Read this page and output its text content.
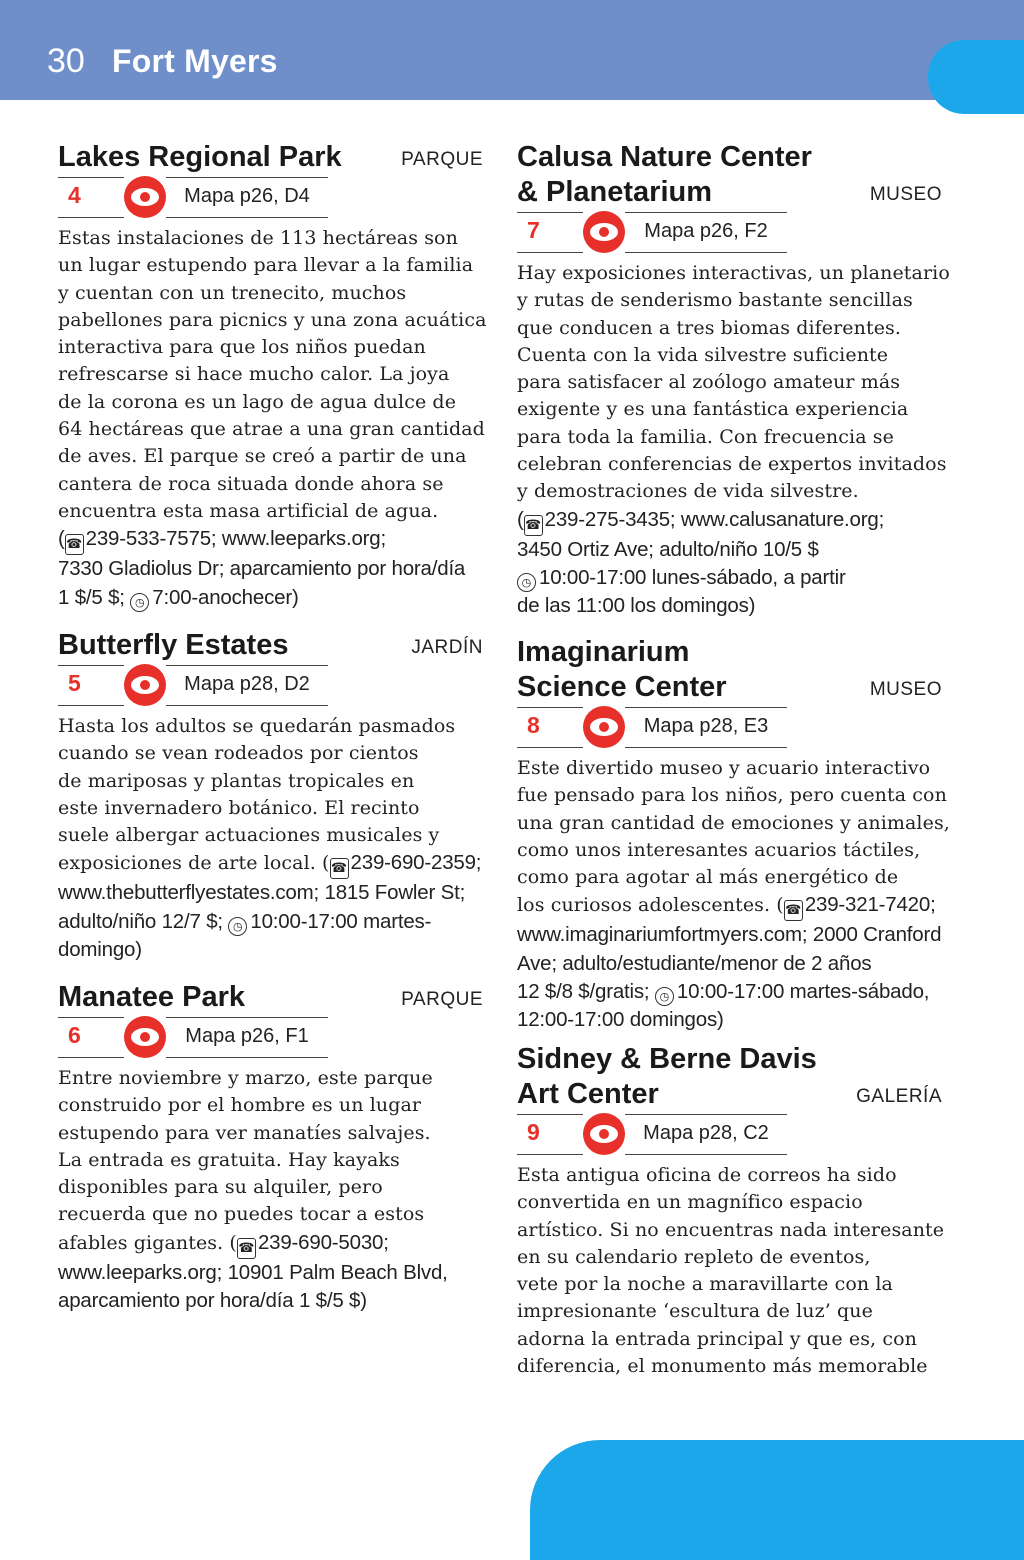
30 Fort Myers
Lakes Regional Park	PARQUE
4	Mapa p26, D4
Estas instalaciones de 113 hectáreas son
un lugar estupendo para llevar a la familia
y cuentan con un trenecito, muchos
pabellones para picnics y una zona acuática
interactiva para que los niños puedan
refrescarse si hace mucho calor. La joya
de la corona es un lago de agua dulce de
64 hectáreas que atrae a una gran cantidad
de aves. El parque se creó a partir de una
cantera de roca situada donde ahora se
encuentra esta masa artificial de agua.
(☎ 239-533-7575; www.leeparks.org;
7330 Gladiolus Dr; aparcamiento por hora/día
1 $/5 $; ◷ 7:00-anochecer)
Butterfly Estates	JARDÍN
5	Mapa p28, D2
Hasta los adultos se quedarán pasmados
cuando se vean rodeados por cientos
de mariposas y plantas tropicales en
este invernadero botánico. El recinto
suele albergar actuaciones musicales y
exposiciones de arte local. (☎ 239-690-2359;
www.thebutterflyestates.com; 1815 Fowler St;
adulto/niño 12/7 $; ◷ 10:00-17:00 martes-
domingo)
Manatee Park	PARQUE
6	Mapa p26, F1
Entre noviembre y marzo, este parque
construido por el hombre es un lugar
estupendo para ver manatíes salvajes.
La entrada es gratuita. Hay kayaks
disponibles para su alquiler, pero
recuerda que no puedes tocar a estos
afables gigantes. (☎ 239-690-5030;
www.leeparks.org; 10901 Palm Beach Blvd,
aparcamiento por hora/día 1 $/5 $)
Calusa Nature Center
& Planetarium	MUSEO
7	Mapa p26, F2
Hay exposiciones interactivas, un planetario
y rutas de senderismo bastante sencillas
que conducen a tres biomas diferentes.
Cuenta con la vida silvestre suficiente
para satisfacer al zoólogo amateur más
exigente y es una fantástica experiencia
para toda la familia. Con frecuencia se
celebran conferencias de expertos invitados
y demostraciones de vida silvestre.
(☎ 239-275-3435; www.calusanature.org;
3450 Ortiz Ave; adulto/niño 10/5 $
◷ 10:00-17:00 lunes-sábado, a partir
de las 11:00 los domingos)
Imaginarium
Science Center	MUSEO
8	Mapa p28, E3
Este divertido museo y acuario interactivo
fue pensado para los niños, pero cuenta con
una gran cantidad de emociones y animales,
como unos interesantes acuarios táctiles,
como para agotar al más energético de
los curiosos adolescentes. (☎ 239-321-7420;
www.imaginariumfortmyers.com; 2000 Cranford
Ave; adulto/estudiante/menor de 2 años
12 $/8 $/gratis; ◷ 10:00-17:00 martes-sábado,
12:00-17:00 domingos)
Sidney & Berne Davis
Art Center	GALERÍA
9	Mapa p28, C2
Esta antigua oficina de correos ha sido
convertida en un magnífico espacio
artístico. Si no encuentras nada interesante
en su calendario repleto de eventos,
vete por la noche a maravillarte con la
impresionante ‘escultura de luz’ que
adorna la entrada principal y que es, con
diferencia, el monumento más memorable
